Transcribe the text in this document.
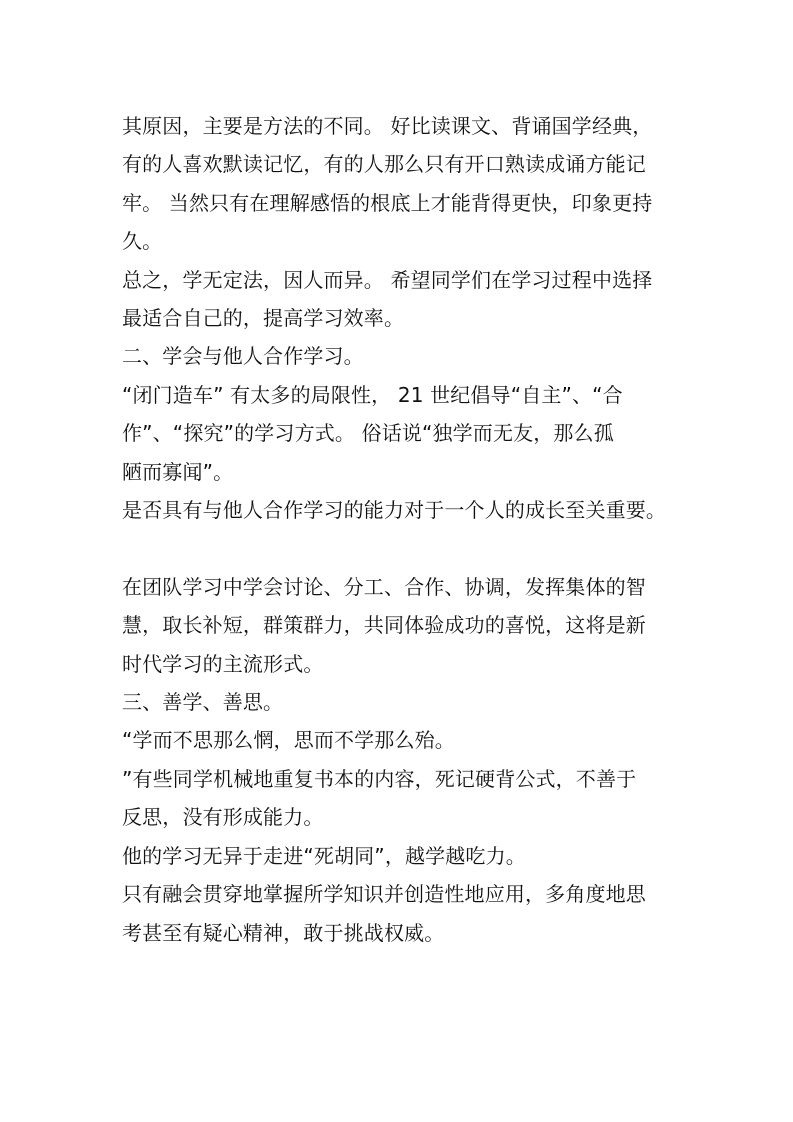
其原因，主要是方法的不同。 好比读课文、背诵国学经典，

有的人喜欢默读记忆，有的人那么只有开口熟读成诵方能记

牢。 当然只有在理解感悟的根底上才能背得更快，印象更持

久。

总之，学无定法，因人而异。 希望同学们在学习过程中选择

最适合自己的，提高学习效率。

二、学会与他人合作学习。

“闭门造车” 有太多的局限性， 21 世纪倡导“自主”、“合

作”、“探究”的学习方式。 俗话说“独学而无友，那么孤

陋而寡闻”。

是否具有与他人合作学习的能力对于一个人的成长至关重要。

在团队学习中学会讨论、分工、合作、协调，发挥集体的智

慧，取长补短，群策群力，共同体验成功的喜悦，这将是新

时代学习的主流形式。

三、善学、善思。

“学而不思那么惘，思而不学那么殆。

”有些同学机械地重复书本的内容，死记硬背公式，不善于

反思，没有形成能力。

他的学习无异于走进“死胡同”，越学越吃力。

只有融会贯穿地掌握所学知识并创造性地应用，多角度地思

考甚至有疑心精神，敢于挑战权威。
